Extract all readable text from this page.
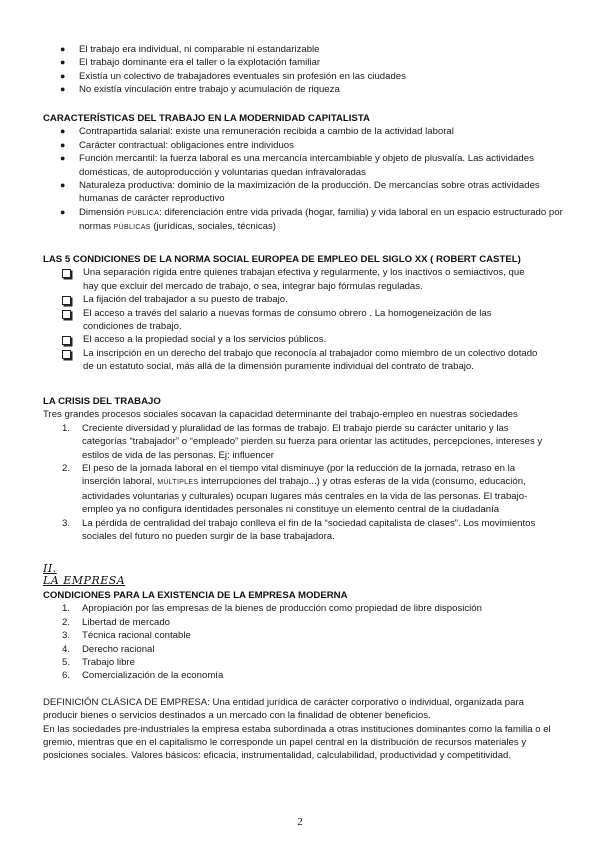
● El trabajo era individual, ni comparable ni estandarizable
● El trabajo dominante era el taller o la explotación familiar
● Existía un colectivo de trabajadores eventuales sin profesión en las ciudades
● No existía vinculación entre trabajo y acumulación de riqueza
CARACTERÍSTICAS DEL TRABAJO EN LA MODERNIDAD CAPITALISTA
● Contrapartida salarial: existe una remuneración recibida a cambio de la actividad laboral
● Carácter contractual: obligaciones entre individuos
● Función mercantil: la fuerza laboral es una mercancía intercambiable y objeto de plusvalía. Las actividades domésticas, de autoproducción y voluntarias quedan infravaloradas
● Naturaleza productiva: dominio de la maximización de la producción. De mercancías sobre otras actividades humanas de carácter reproductivo
● Dimensión PÚBLICA: diferenciación entre vida privada (hogar, familia) y vida laboral en un espacio estructurado por normas PÚBLICAS (jurídicas, sociales, técnicas)
LAS 5 CONDICIONES DE LA NORMA SOCIAL EUROPEA DE EMPLEO DEL SIGLO XX ( ROBERT CASTEL)
Una separación rígida entre quienes trabajan efectiva y regularmente, y los inactivos o semiactivos, que hay que excluir del mercado de trabajo, o sea, integrar bajo fórmulas reguladas.
La fijación del trabajador a su puesto de trabajo.
El acceso a través del salario a nuevas formas de consumo obrero . La homogeneización de las condiciones de trabajo.
El acceso a la propiedad social y a los servicios públicos.
La inscripción en un derecho del trabajo que reconocía al trabajador como miembro de un colectivo dotado de un estatuto social, más allá de la dimensión puramente individual del contrato de trabajo.
LA CRISIS DEL TRABAJO
Tres grandes procesos sociales socavan la capacidad determinante del trabajo-empleo en nuestras sociedades
1. Creciente diversidad y pluralidad de las formas de trabajo. El trabajo pierde su carácter unitario y las categorías “trabajador” o “empleado” pierden su fuerza para orientar las actitudes, percepciones, intereses y estilos de vida de las personas. Ej: influencer
2. El peso de la jornada laboral en el tiempo vital disminuye (por la reducción de la jornada, retraso en la inserción laboral, MÚLTIPLES interrupciones del trabajo...) y otras esferas de la vida (consumo, educación, actividades voluntarias y culturales) ocupan lugares más centrales en la vida de las personas. El trabajo-empleo ya no configura identidades personales ni constituye un elemento central de la ciudadanía
3. La pérdida de centralidad del trabajo conlleva el fin de la “sociedad capitalista de clases”. Los movimientos sociales del futuro no pueden surgir de la base trabajadora.
II.
LA EMPRESA
CONDICIONES PARA LA EXISTENCIA DE LA EMPRESA MODERNA
1. Apropiación por las empresas de la bienes de producción como propiedad de libre disposición
2. Libertad de mercado
3. Técnica racional contable
4. Derecho racional
5. Trabajo libre
6. Comercialización de la economía
DEFINICIÓN CLÁSICA DE EMPRESA: Una entidad jurídica de carácter corporativo o individual, organizada para producir bienes o servicios destinados a un mercado con la finalidad de obtener beneficios.
En las sociedades pre-industriales la empresa estaba subordinada a otras instituciones dominantes como la familia o el gremio, mientras que en el capitalismo le corresponde un papel central en la distribución de recursos materiales y posiciones sociales. Valores básicos: eficacia, instrumentalidad, calculabilidad, productividad y competitividad.
2
